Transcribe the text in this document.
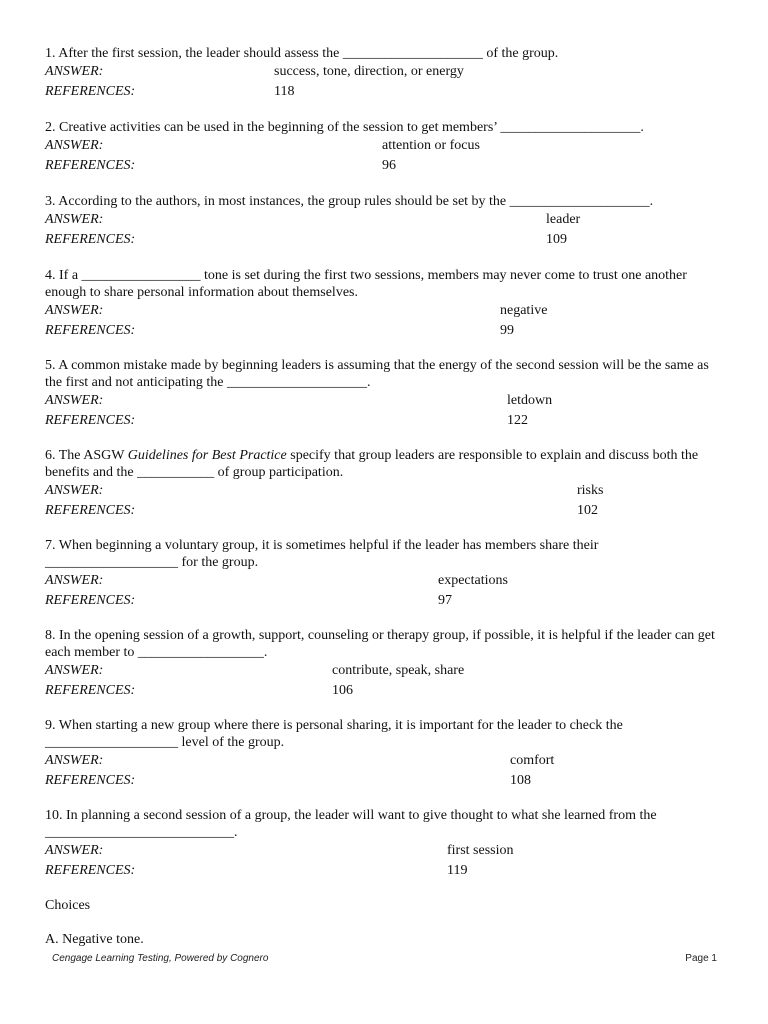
1. After the first session, the leader should assess the ____________________ of the group.
ANSWER:	success, tone, direction, or energy
REFERENCES:	118
2. Creative activities can be used in the beginning of the session to get members’ ____________________.
ANSWER:	attention or focus
REFERENCES:	96
3. According to the authors, in most instances, the group rules should be set by the ____________________.
ANSWER:	leader
REFERENCES:	109
4. If a _________________ tone is set during the first two sessions, members may never come to trust one another enough to share personal information about themselves.
ANSWER:	negative
REFERENCES:	99
5. A common mistake made by beginning leaders is assuming that the energy of the second session will be the same as the first and not anticipating the ____________________.
ANSWER:	letdown
REFERENCES:	122
6. The ASGW Guidelines for Best Practice specify that group leaders are responsible to explain and discuss both the benefits and the ___________ of group participation.
ANSWER:	risks
REFERENCES:	102
7. When beginning a voluntary group, it is sometimes helpful if the leader has members share their ___________________ for the group.
ANSWER:	expectations
REFERENCES:	97
8. In the opening session of a growth, support, counseling or therapy group, if possible, it is helpful if the leader can get each member to __________________.
ANSWER:	contribute, speak, share
REFERENCES:	106
9. When starting a new group where there is personal sharing, it is important for the leader to check the ___________________ level of the group.
ANSWER:	comfort
REFERENCES:	108
10. In planning a second session of a group, the leader will want to give thought to what she learned from the ___________________________.
ANSWER:	first session
REFERENCES:	119
Choices
A. Negative tone.
Cengage Learning Testing, Powered by Cognero	Page 1
